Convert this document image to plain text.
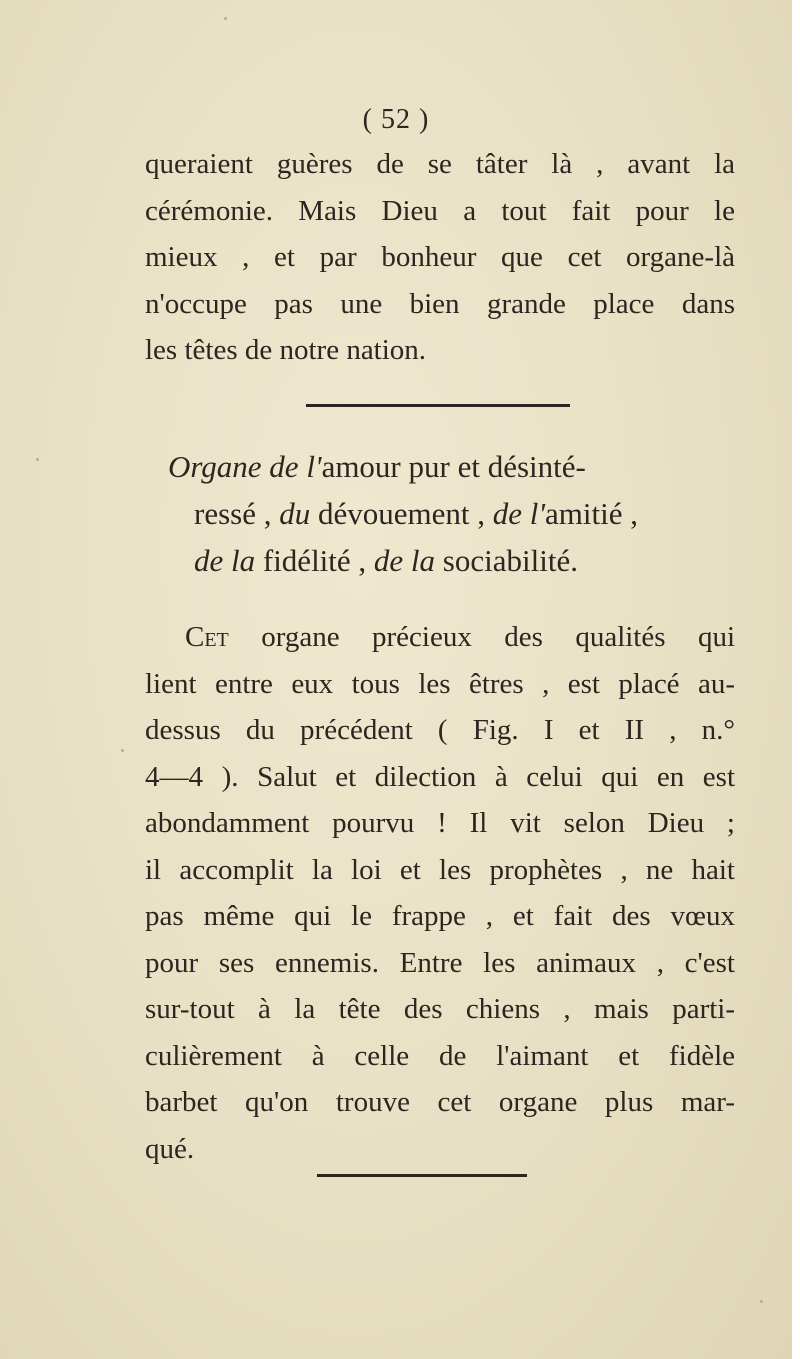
( 52 )

queraient guères de se tâter là , avant la
cérémonie. Mais Dieu a tout fait pour le
mieux , et par bonheur que cet organe-là
n'occupe pas une bien grande place dans
les têtes de notre nation.

Organe de l'amour pur et désinté-
ressé , du dévouement , de l'amitié ,
de la fidélité , de la sociabilité.

Cet organe précieux des qualités qui
lient entre eux tous les êtres , est placé au-
dessus du précédent ( Fig. I et II , n.°
4—4 ). Salut et dilection à celui qui en est
abondamment pourvu ! Il vit selon Dieu ;
il accomplit la loi et les prophètes , ne hait
pas même qui le frappe , et fait des vœux
pour ses ennemis. Entre les animaux , c'est
sur-tout à la tête des chiens , mais parti-
culièrement à celle de l'aimant et fidèle
barbet qu'on trouve cet organe plus mar-
qué.
